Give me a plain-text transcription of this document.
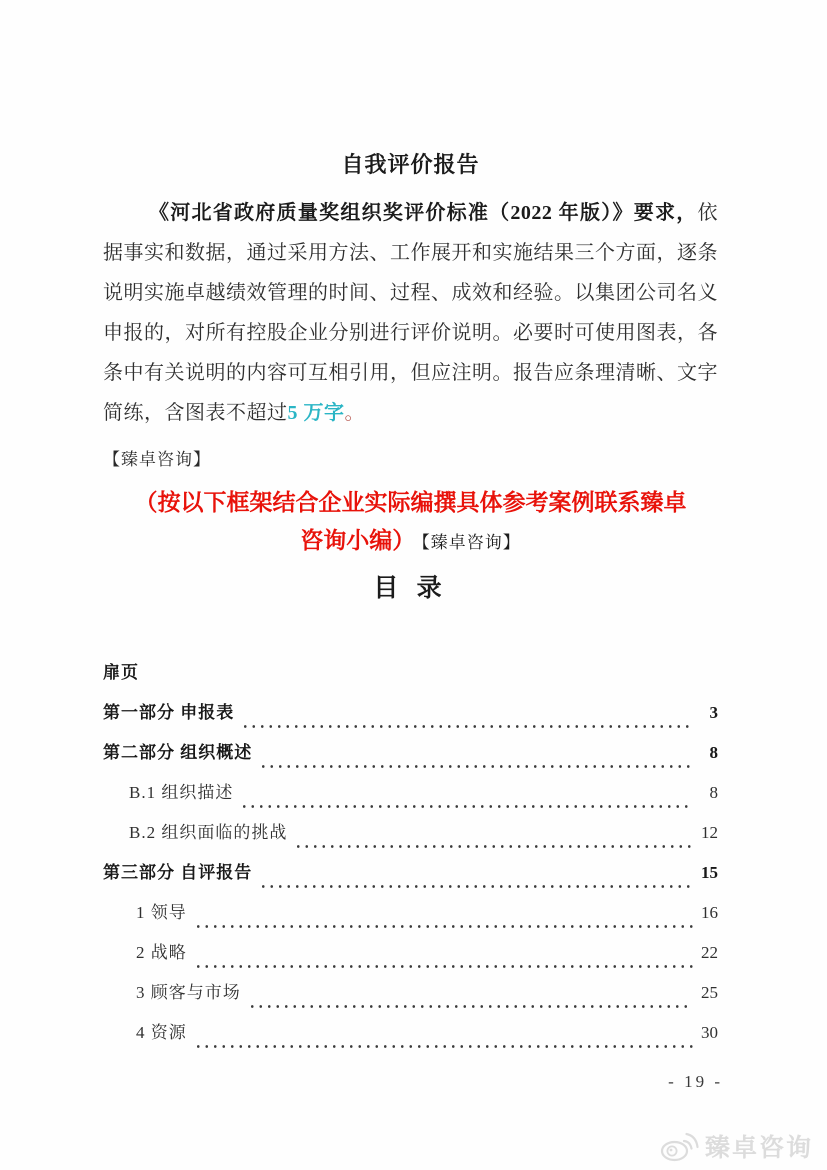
自我评价报告

《河北省政府质量奖组织奖评价标准（2022 年版）》要求，依据事实和数据，通过采用方法、工作展开和实施结果三个方面，逐条说明实施卓越绩效管理的时间、过程、成效和经验。以集团公司名义申报的，对所有控股企业分别进行评价说明。必要时可使用图表，各条中有关说明的内容可互相引用，但应注明。报告应条理清晰、文字简练，含图表不超过5 万字。

【臻卓咨询】

（按以下框架结合企业实际编撰具体参考案例联系臻卓
咨询小编） 【臻卓咨询】
目 录
扉页
第一部分 申报表	3
第二部分 组织概述	8
B.1 组织描述	8
B.2 组织面临的挑战	12
第三部分 自评报告	15
1 领导	16
2 战略	22
3 顾客与市场	25
4 资源	30
- 19 -
臻卓咨询
